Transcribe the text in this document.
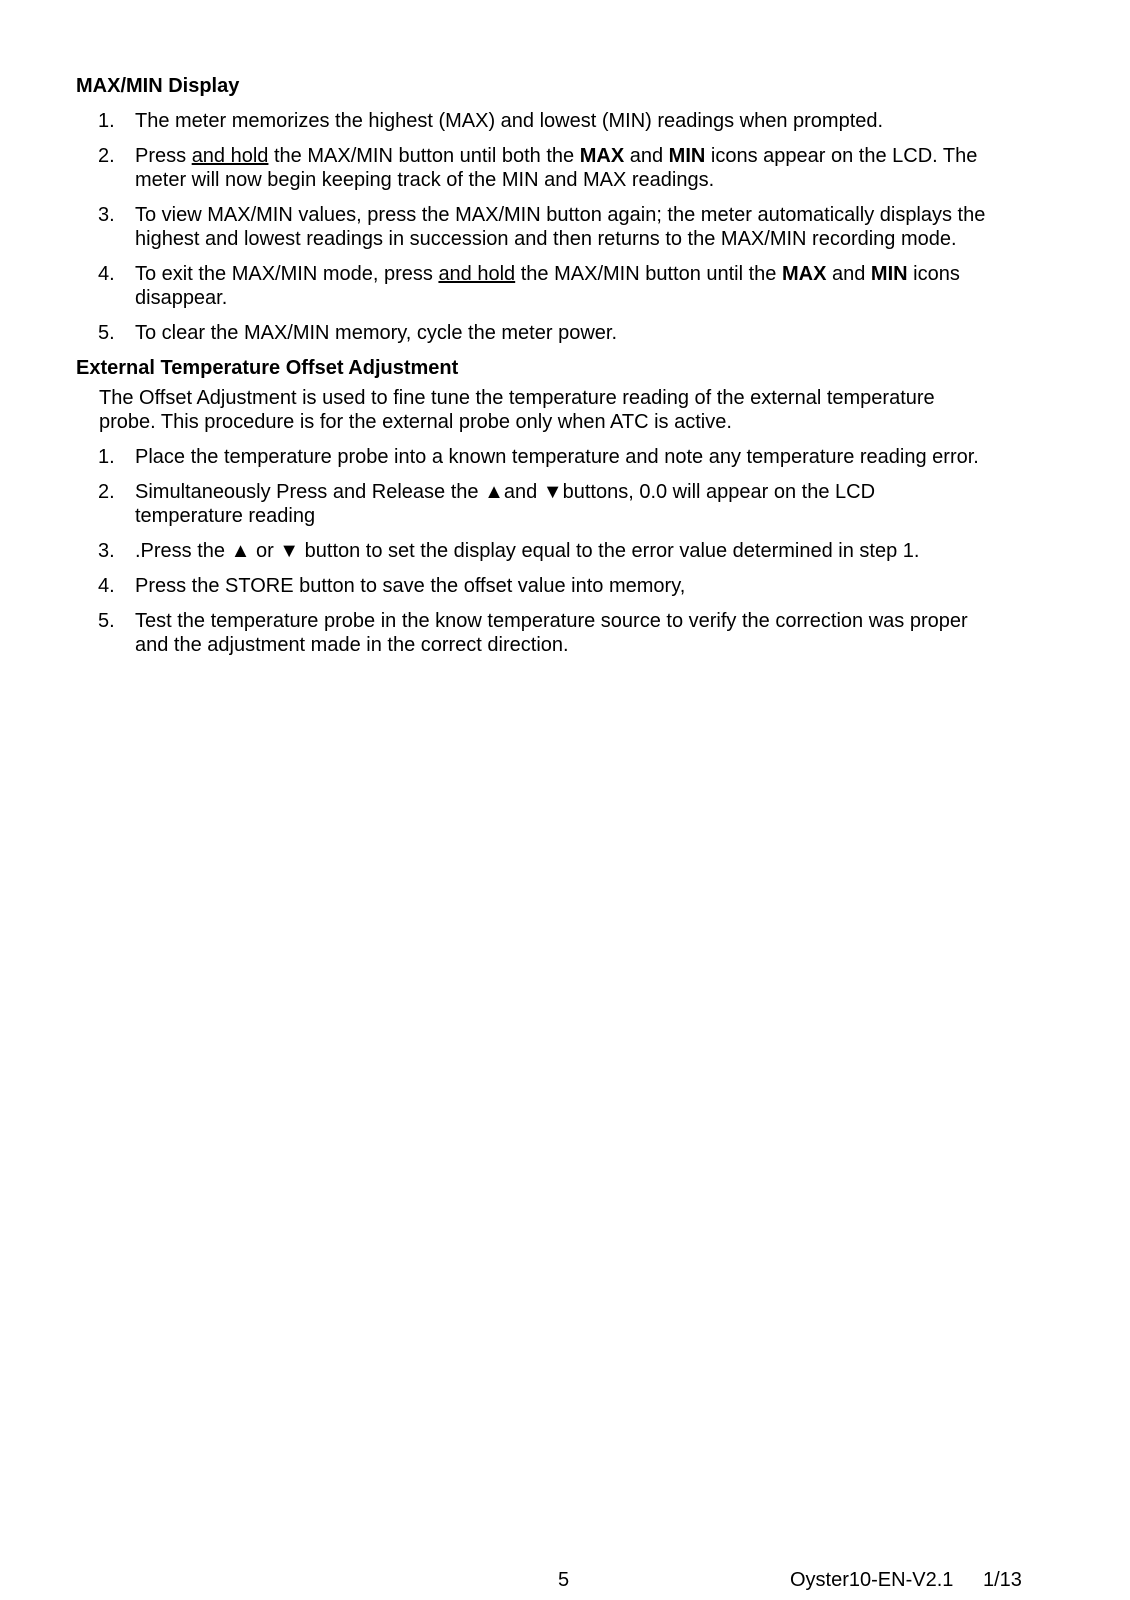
MAX/MIN Display
1. The meter memorizes the highest (MAX) and lowest (MIN) readings when prompted.
2. Press and hold the MAX/MIN button until both the MAX and MIN icons appear on the LCD. The
meter will now begin keeping track of the MIN and MAX readings.
3. To view MAX/MIN values, press the MAX/MIN button again; the meter automatically displays the
highest and lowest readings in succession and then returns to the MAX/MIN recording mode.
4. To exit the MAX/MIN mode, press and hold the MAX/MIN button until the MAX and MIN icons
disappear.
5. To clear the MAX/MIN memory, cycle the meter power.
External Temperature Offset Adjustment
The Offset Adjustment is used to fine tune the temperature reading of the external temperature
probe. This procedure is for the external probe only when ATC is active.
1. Place the temperature probe into a known temperature and note any temperature reading error.
2. Simultaneously Press and Release the ▲and ▼buttons, 0.0 will appear on the LCD
temperature reading
3. .Press the ▲ or ▼ button to set the display equal to the error value determined in step 1.
4. Press the STORE button to save the offset value into memory,
5. Test the temperature probe in the know temperature source to verify the correction was proper
and the adjustment made in the correct direction.
5	Oyster10-EN-V2.1 1/13
